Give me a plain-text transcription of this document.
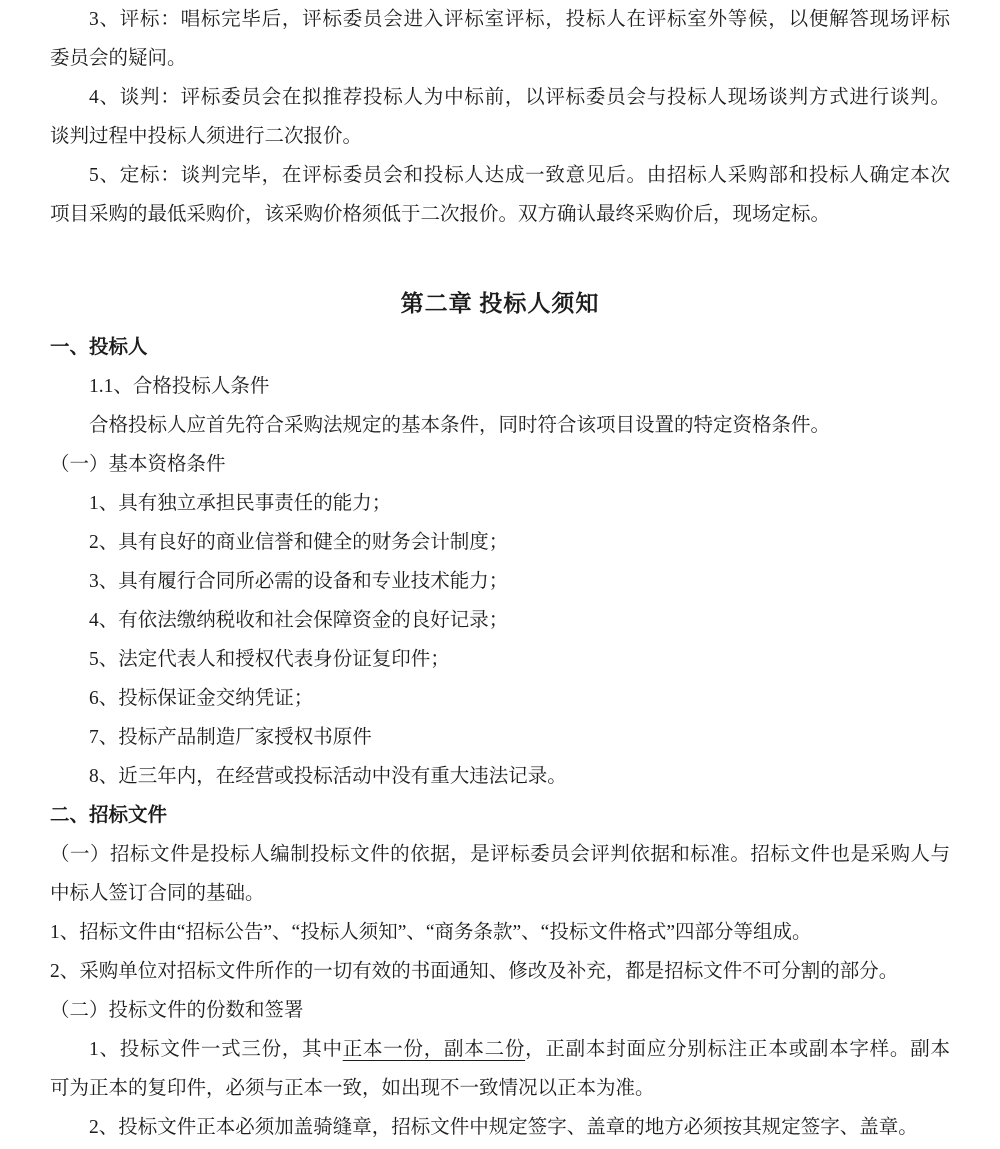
3、评标：唱标完毕后，评标委员会进入评标室评标，投标人在评标室外等候，以便解答现场评标
委员会的疑问。
4、谈判：评标委员会在拟推荐投标人为中标前，以评标委员会与投标人现场谈判方式进行谈判。
谈判过程中投标人须进行二次报价。
5、定标：谈判完毕，在评标委员会和投标人达成一致意见后。由招标人采购部和投标人确定本次
项目采购的最低采购价，该采购价格须低于二次报价。双方确认最终采购价后，现场定标。
第二章 投标人须知
一、投标人
1.1、合格投标人条件
合格投标人应首先符合采购法规定的基本条件，同时符合该项目设置的特定资格条件。
（一）基本资格条件
1、具有独立承担民事责任的能力；
2、具有良好的商业信誉和健全的财务会计制度；
3、具有履行合同所必需的设备和专业技术能力；
4、有依法缴纳税收和社会保障资金的良好记录；
5、法定代表人和授权代表身份证复印件；
6、投标保证金交纳凭证；
7、投标产品制造厂家授权书原件
8、近三年内，在经营或投标活动中没有重大违法记录。
二、招标文件
（一）招标文件是投标人编制投标文件的依据，是评标委员会评判依据和标准。招标文件也是采购人与
中标人签订合同的基础。
1、招标文件由“招标公告”、“投标人须知”、“商务条款”、“投标文件格式”四部分等组成。
2、采购单位对招标文件所作的一切有效的书面通知、修改及补充，都是招标文件不可分割的部分。
（二）投标文件的份数和签署
1、投标文件一式三份，其中正本一份，副本二份，正副本封面应分别标注正本或副本字样。副本
可为正本的复印件，必须与正本一致，如出现不一致情况以正本为准。
2、投标文件正本必须加盖骑缝章，招标文件中规定签字、盖章的地方必须按其规定签字、盖章。
